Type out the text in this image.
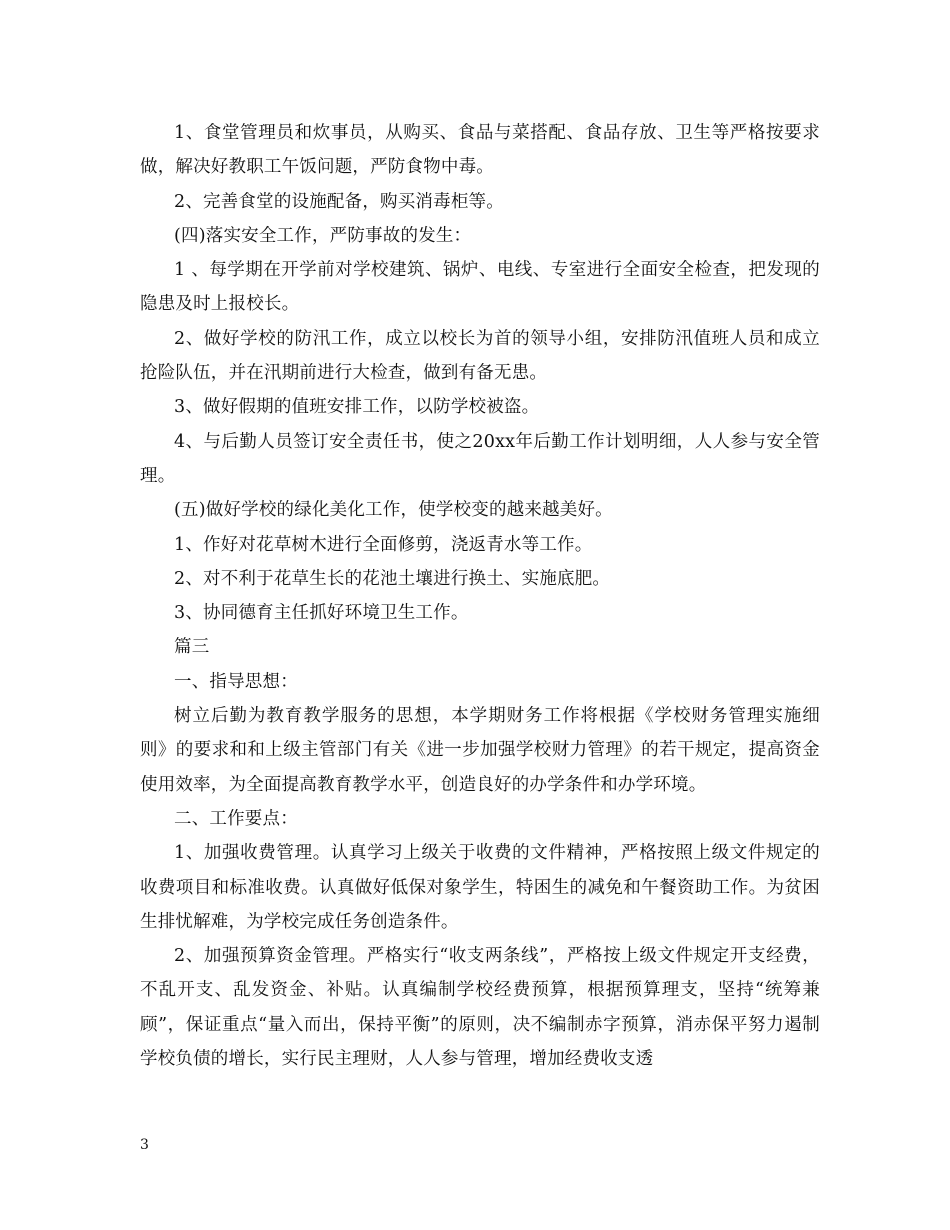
1、食堂管理员和炊事员，从购买、食品与菜搭配、食品存放、卫生等严格按要求做，解决好教职工午饭问题，严防食物中毒。

2、完善食堂的设施配备，购买消毒柜等。

(四)落实安全工作，严防事故的发生：

1 、每学期在开学前对学校建筑、锅炉、电线、专室进行全面安全检查，把发现的隐患及时上报校长。

2、做好学校的防汛工作，成立以校长为首的领导小组，安排防汛值班人员和成立抢险队伍，并在汛期前进行大检查，做到有备无患。

3、做好假期的值班安排工作，以防学校被盗。

4、与后勤人员签订安全责任书，使之20xx年后勤工作计划明细，人人参与安全管理。

(五)做好学校的绿化美化工作，使学校变的越来越美好。

1、作好对花草树木进行全面修剪，浇返青水等工作。

2、对不利于花草生长的花池土壤进行换土、实施底肥。

3、协同德育主任抓好环境卫生工作。

篇三

一、指导思想：

树立后勤为教育教学服务的思想，本学期财务工作将根据《学校财务管理实施细则》的要求和和上级主管部门有关《进一步加强学校财力管理》的若干规定，提高资金使用效率，为全面提高教育教学水平，创造良好的办学条件和办学环境。

二、工作要点：

1、加强收费管理。认真学习上级关于收费的文件精神，严格按照上级文件规定的收费项目和标准收费。认真做好低保对象学生，特困生的减免和午餐资助工作。为贫困生排忧解难，为学校完成任务创造条件。

2、加强预算资金管理。严格实行“收支两条线”，严格按上级文件规定开支经费，不乱开支、乱发资金、补贴。认真编制学校经费预算，根据预算理支，坚持“统筹兼顾”，保证重点“量入而出，保持平衡”的原则，决不编制赤字预算，消赤保平努力遏制学校负债的增长，实行民主理财，人人参与管理，增加经费收支透

3
